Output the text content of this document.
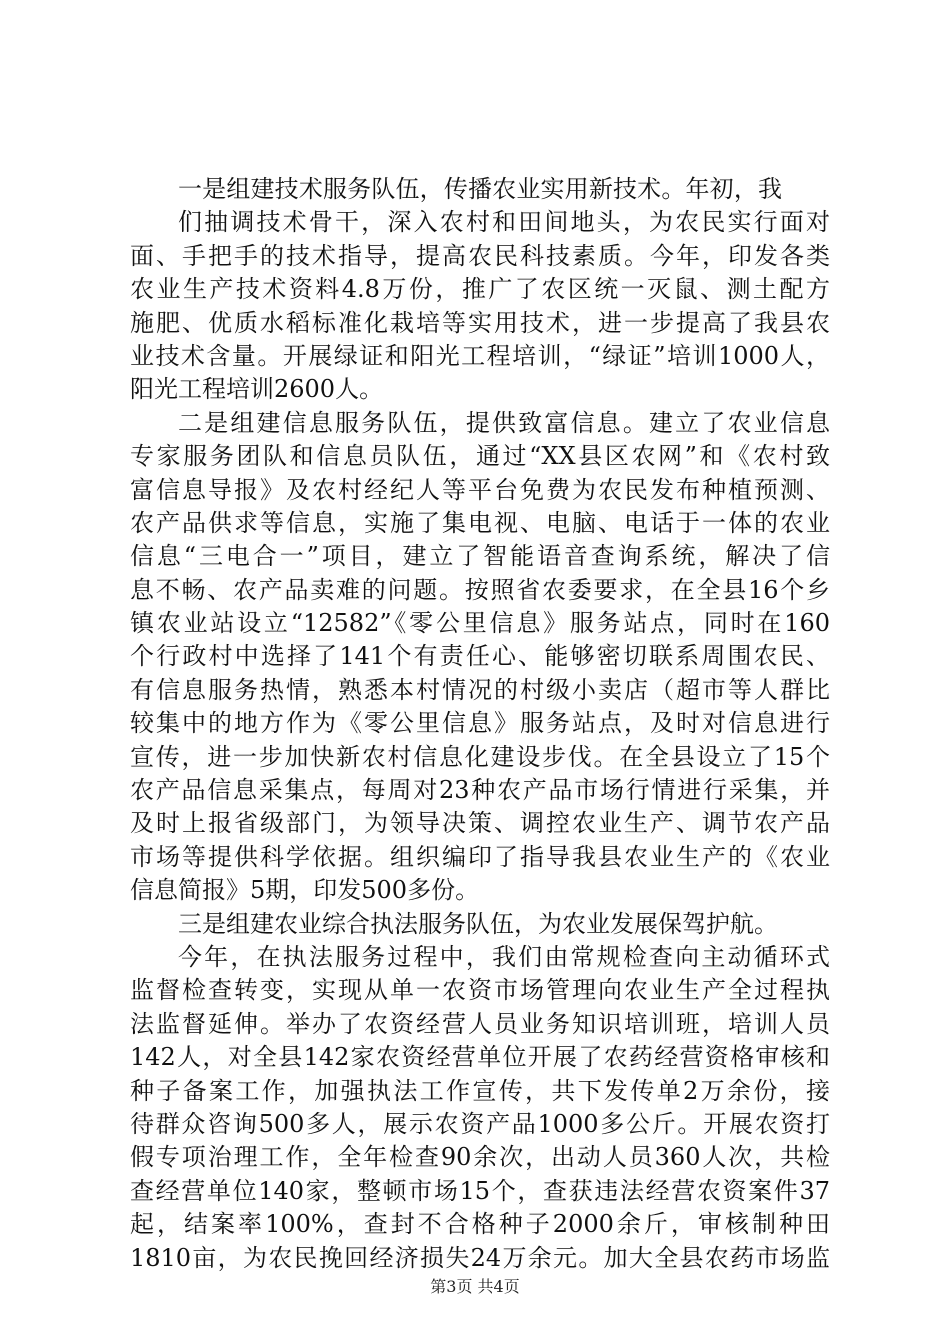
一是组建技术服务队伍，传播农业实用新技术。年初，我
们抽调技术骨干，深入农村和田间地头，为农民实行面对
面、手把手的技术指导，提高农民科技素质。今年，印发各类
农业生产技术资料4.8万份，推广了农区统一灭鼠、测土配方
施肥、优质水稻标准化栽培等实用技术，进一步提高了我县农
业技术含量。开展绿证和阳光工程培训，“绿证”培训1000人，
阳光工程培训2600人。
二是组建信息服务队伍，提供致富信息。建立了农业信息
专家服务团队和信息员队伍，通过“XX县区农网”和《农村致
富信息导报》及农村经纪人等平台免费为农民发布种植预测、
农产品供求等信息，实施了集电视、电脑、电话于一体的农业
信息“三电合一”项目，建立了智能语音查询系统，解决了信
息不畅、农产品卖难的问题。按照省农委要求，在全县16个乡
镇农业站设立“12582”《零公里信息》服务站点，同时在160
个行政村中选择了141个有责任心、能够密切联系周围农民、
有信息服务热情，熟悉本村情况的村级小卖店（超市等人群比
较集中的地方作为《零公里信息》服务站点，及时对信息进行
宣传，进一步加快新农村信息化建设步伐。在全县设立了15个
农产品信息采集点，每周对23种农产品市场行情进行采集，并
及时上报省级部门，为领导决策、调控农业生产、调节农产品
市场等提供科学依据。组织编印了指导我县农业生产的《农业
信息简报》5期，印发500多份。
三是组建农业综合执法服务队伍，为农业发展保驾护航。
今年，在执法服务过程中，我们由常规检查向主动循环式
监督检查转变，实现从单一农资市场管理向农业生产全过程执
法监督延伸。举办了农资经营人员业务知识培训班，培训人员
142人，对全县142家农资经营单位开展了农药经营资格审核和
种子备案工作，加强执法工作宣传，共下发传单2万余份，接
待群众咨询500多人，展示农资产品1000多公斤。开展农资打
假专项治理工作，全年检查90余次，出动人员360人次，共检
查经营单位140家，整顿市场15个，查获违法经营农资案件37
起，结案率100%，查封不合格种子2000余斤，审核制种田
1810亩，为农民挽回经济损失24万余元。加大全县农药市场监
第3页 共4页
